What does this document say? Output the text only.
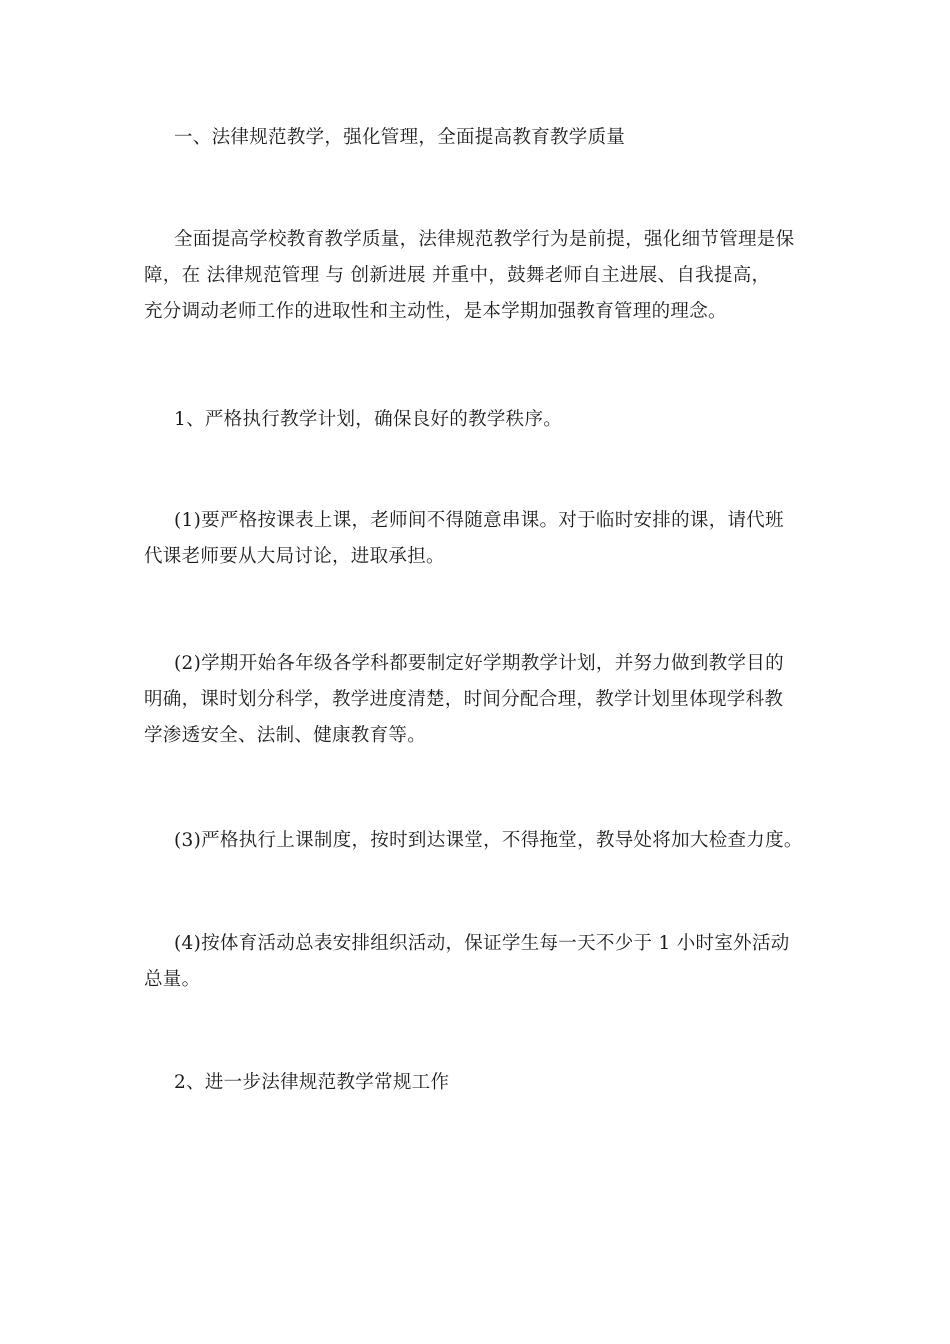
一、法律规范教学，强化管理，全面提高教育教学质量

全面提高学校教育教学质量，法律规范教学行为是前提，强化细节管理是保
障，在 法律规范管理 与 创新进展 并重中，鼓舞老师自主进展、自我提高，
充分调动老师工作的进取性和主动性，是本学期加强教育管理的理念。

1、严格执行教学计划，确保良好的教学秩序。

(1)要严格按课表上课，老师间不得随意串课。对于临时安排的课，请代班
代课老师要从大局讨论，进取承担。

(2)学期开始各年级各学科都要制定好学期教学计划，并努力做到教学目的
明确，课时划分科学，教学进度清楚，时间分配合理，教学计划里体现学科教
学渗透安全、法制、健康教育等。

(3)严格执行上课制度，按时到达课堂，不得拖堂，教导处将加大检查力度。

(4)按体育活动总表安排组织活动，保证学生每一天不少于 1 小时室外活动
总量。

2、进一步法律规范教学常规工作
